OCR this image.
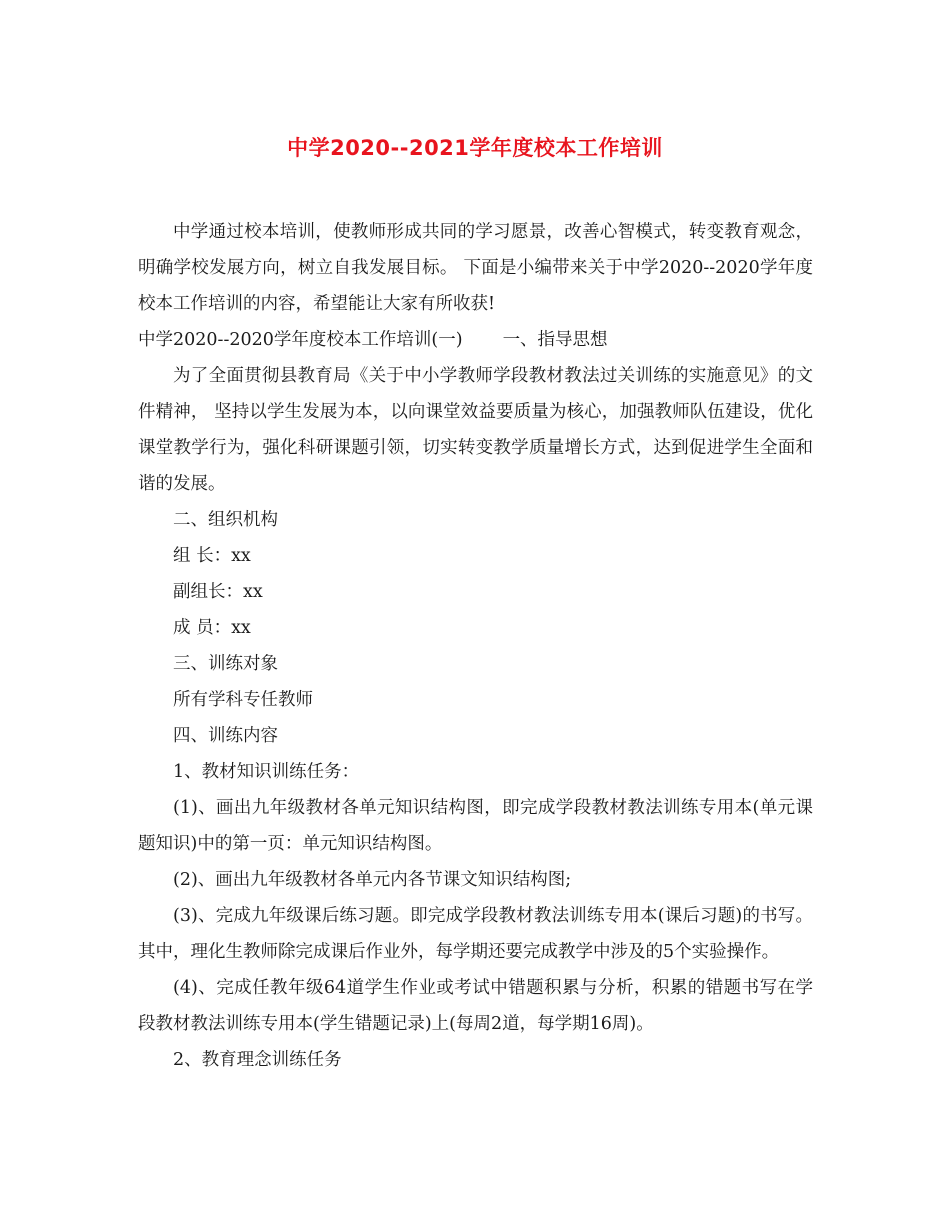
中学2020--2021学年度校本工作培训

中学通过校本培训，使教师形成共同的学习愿景，改善心智模式，转变教育观念，明确学校发展方向，树立自我发展目标。 下面是小编带来关于中学2020--2020学年度校本工作培训的内容，希望能让大家有所收获!

中学2020--2020学年度校本工作培训(一) 一、指导思想

为了全面贯彻县教育局《关于中小学教师学段教材教法过关训练的实施意见》的文件精神， 坚持以学生发展为本，以向课堂效益要质量为核心，加强教师队伍建设，优化课堂教学行为，强化科研课题引领，切实转变教学质量增长方式，达到促进学生全面和谐的发展。

二、组织机构

组 长：xx

副组长：xx

成 员：xx

三、训练对象

所有学科专任教师

四、训练内容

1、教材知识训练任务：

(1)、画出九年级教材各单元知识结构图，即完成学段教材教法训练专用本(单元课题知识)中的第一页：单元知识结构图。

(2)、画出九年级教材各单元内各节课文知识结构图;

(3)、完成九年级课后练习题。即完成学段教材教法训练专用本(课后习题)的书写。其中，理化生教师除完成课后作业外，每学期还要完成教学中涉及的5个实验操作。

(4)、完成任教年级64道学生作业或考试中错题积累与分析，积累的错题书写在学段教材教法训练专用本(学生错题记录)上(每周2道，每学期16周)。

2、教育理念训练任务
